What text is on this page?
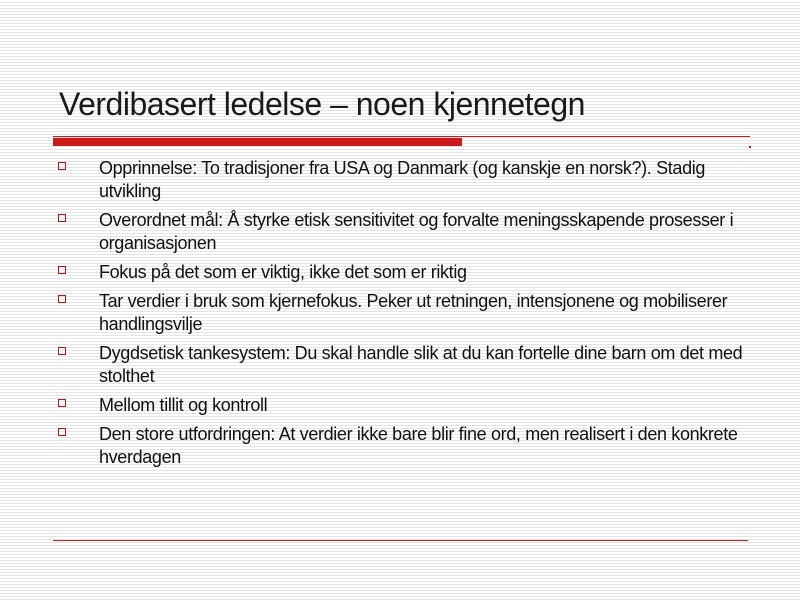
Verdibasert ledelse – noen kjennetegn
Opprinnelse: To tradisjoner fra USA og Danmark (og kanskje en norsk?). Stadig utvikling
Overordnet mål: Å styrke etisk sensitivitet og forvalte meningsskapende prosesser i organisasjonen
Fokus på det som er viktig, ikke det som er riktig
Tar verdier i bruk som kjernefokus. Peker ut retningen, intensjonene og mobiliserer handlingsvilje
Dygdsetisk tankesystem: Du skal handle slik at du kan fortelle dine barn om det med stolthet
Mellom tillit og kontroll
Den store utfordringen: At verdier ikke bare blir fine ord, men realisert i den konkrete hverdagen
